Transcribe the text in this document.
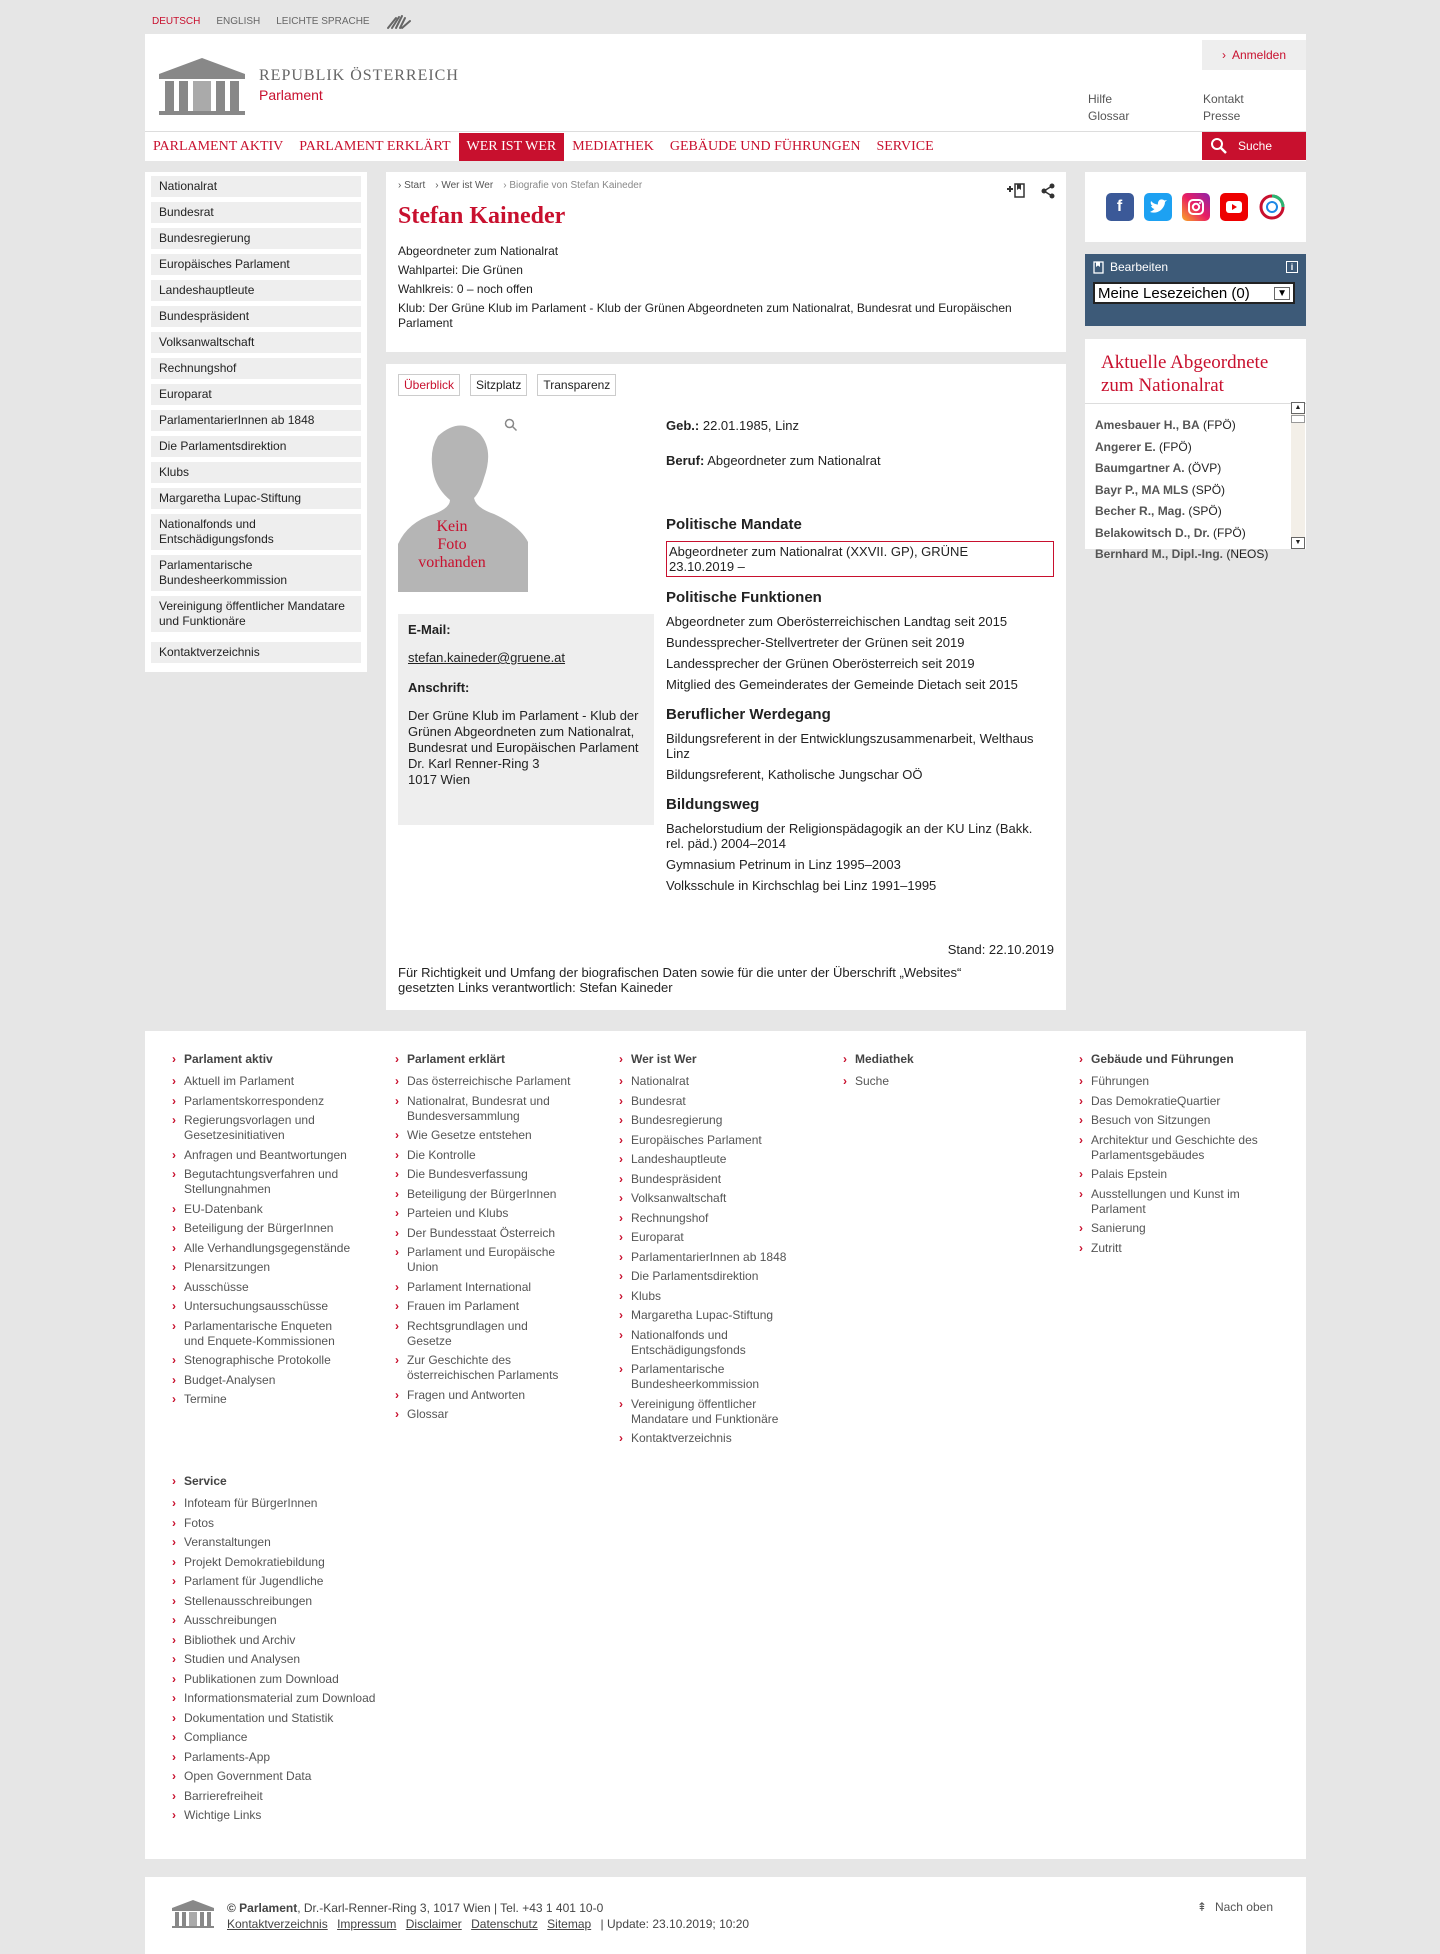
DEUTSCH ENGLISH LEICHTE SPRACHE
REPUBLIK ÖSTERREICH
Parlament
› Anmelden
Hilfe	Kontakt
Glossar	Presse
PARLAMENT AKTIV	PARLAMENT ERKLÄRT	WER IST WER	MEDIATHEK	GEBÄUDE UND FÜHRUNGEN	SERVICE	Suche
Nationalrat
Bundesrat
Bundesregierung
Europäisches Parlament
Landeshauptleute
Bundespräsident
Volksanwaltschaft
Rechnungshof
Europarat
ParlamentarierInnen ab 1848
Die Parlamentsdirektion
Klubs
Margaretha Lupac-Stiftung
Nationalfonds und Entschädigungsfonds
Parlamentarische Bundesheerkommission
Vereinigung öffentlicher Mandatare und Funktionäre
Kontaktverzeichnis
› Start › Wer ist Wer › Biografie von Stefan Kaineder
Stefan Kaineder
Abgeordneter zum Nationalrat
Wahlpartei: Die Grünen
Wahlkreis: 0 – noch offen
Klub: Der Grüne Klub im Parlament - Klub der Grünen Abgeordneten zum Nationalrat, Bundesrat und Europäischen Parlament
Überblick	Sitzplatz	Transparenz
Kein
Foto
vorhanden
E-Mail:
stefan.kaineder@gruene.at
Anschrift:
Der Grüne Klub im Parlament - Klub der Grünen Abgeordneten zum Nationalrat, Bundesrat und Europäischen Parlament
Dr. Karl Renner-Ring 3
1017 Wien
Geb.: 22.01.1985, Linz
Beruf: Abgeordneter zum Nationalrat
Politische Mandate
Abgeordneter zum Nationalrat (XXVII. GP), GRÜNE
23.10.2019 –
Politische Funktionen
Abgeordneter zum Oberösterreichischen Landtag seit 2015
Bundessprecher-Stellvertreter der Grünen seit 2019
Landessprecher der Grünen Oberösterreich seit 2019
Mitglied des Gemeinderates der Gemeinde Dietach seit 2015
Beruflicher Werdegang
Bildungsreferent in der Entwicklungszusammenarbeit, Welthaus Linz
Bildungsreferent, Katholische Jungschar OÖ
Bildungsweg
Bachelorstudium der Religionspädagogik an der KU Linz (Bakk. rel. päd.) 2004–2014
Gymnasium Petrinum in Linz 1995–2003
Volksschule in Kirchschlag bei Linz 1991–1995
Stand: 22.10.2019
Für Richtigkeit und Umfang der biografischen Daten sowie für die unter der Überschrift „Websites“ gesetzten Links verantwortlich: Stefan Kaineder
f
Bearbeiten	i
Meine Lesezeichen (0)	▼
Aktuelle Abgeordnete zum Nationalrat
Amesbauer H., BA (FPÖ)
Angerer E. (FPÖ)
Baumgartner A. (ÖVP)
Bayr P., MA MLS (SPÖ)
Becher R., Mag. (SPÖ)
Belakowitsch D., Dr. (FPÖ)
Bernhard M., Dipl.-Ing. (NEOS)
▲
▼
› Parlament aktiv
› Aktuell im Parlament
› Parlamentskorrespondenz
› Regierungsvorlagen und Gesetzesinitiativen
› Anfragen und Beantwortungen
› Begutachtungsverfahren und Stellungnahmen
› EU-Datenbank
› Beteiligung der BürgerInnen
› Alle Verhandlungsgegenstände
› Plenarsitzungen
› Ausschüsse
› Untersuchungsausschüsse
› Parlamentarische Enqueten und Enquete-Kommissionen
› Stenographische Protokolle
› Budget-Analysen
› Termine
› Parlament erklärt
› Das österreichische Parlament
› Nationalrat, Bundesrat und Bundesversammlung
› Wie Gesetze entstehen
› Die Kontrolle
› Die Bundesverfassung
› Beteiligung der BürgerInnen
› Parteien und Klubs
› Der Bundesstaat Österreich
› Parlament und Europäische Union
› Parlament International
› Frauen im Parlament
› Rechtsgrundlagen und Gesetze
› Zur Geschichte des österreichischen Parlaments
› Fragen und Antworten
› Glossar
› Wer ist Wer
› Nationalrat
› Bundesrat
› Bundesregierung
› Europäisches Parlament
› Landeshauptleute
› Bundespräsident
› Volksanwaltschaft
› Rechnungshof
› Europarat
› ParlamentarierInnen ab 1848
› Die Parlamentsdirektion
› Klubs
› Margaretha Lupac-Stiftung
› Nationalfonds und Entschädigungsfonds
› Parlamentarische Bundesheerkommission
› Vereinigung öffentlicher Mandatare und Funktionäre
› Kontaktverzeichnis
› Mediathek
› Suche
› Gebäude und Führungen
› Führungen
› Das DemokratieQuartier
› Besuch von Sitzungen
› Architektur und Geschichte des Parlamentsgebäudes
› Palais Epstein
› Ausstellungen und Kunst im Parlament
› Sanierung
› Zutritt
› Service
› Infoteam für BürgerInnen
› Fotos
› Veranstaltungen
› Projekt Demokratiebildung
› Parlament für Jugendliche
› Stellenausschreibungen
› Ausschreibungen
› Bibliothek und Archiv
› Studien und Analysen
› Publikationen zum Download
› Informationsmaterial zum Download
› Dokumentation und Statistik
› Compliance
› Parlaments-App
› Open Government Data
› Barrierefreiheit
› Wichtige Links
© Parlament, Dr.-Karl-Renner-Ring 3, 1017 Wien | Tel. +43 1 401 10-0
Kontaktverzeichnis Impressum Disclaimer Datenschutz Sitemap | Update: 23.10.2019; 10:20
⇞ Nach oben
